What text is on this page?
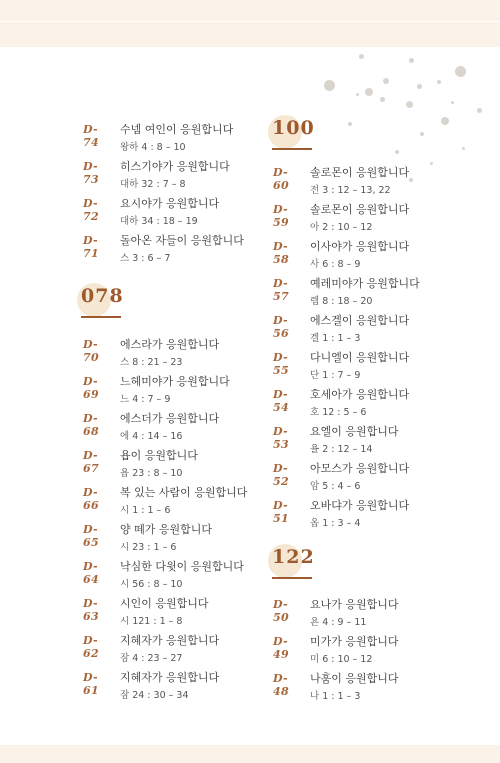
D- 74
수넴 여인이 응원합니다
왕하 4 : 8 – 10
D- 73
히스기야가 응원합니다
대하 32 : 7 – 8
D- 72
요시야가 응원합니다
대하 34 : 18 – 19
D- 71
돌아온 자들이 응원합니다
스 3 : 6 – 7
078
D- 70
에스라가 응원합니다
스 8 : 21 – 23
D- 69
느헤미야가 응원합니다
느 4 : 7 – 9
D- 68
에스더가 응원합니다
에 4 : 14 – 16
D- 67
욥이 응원합니다
욥 23 : 8 – 10
D- 66
복 있는 사람이 응원합니다
시 1 : 1 – 6
D- 65
양 떼가 응원합니다
시 23 : 1 – 6
D- 64
낙심한 다윗이 응원합니다
시 56 : 8 – 10
D- 63
시인이 응원합니다
시 121 : 1 – 8
D- 62
지혜자가 응원합니다
잠 4 : 23 – 27
D- 61
지혜자가 응원합니다
잠 24 : 30 – 34
100
D- 60
솔로몬이 응원합니다
전 3 : 12 – 13, 22
D- 59
솔로몬이 응원합니다
아 2 : 10 – 12
D- 58
이사야가 응원합니다
사 6 : 8 – 9
D- 57
예레미야가 응원합니다
렘 8 : 18 – 20
D- 56
에스겔이 응원합니다
겔 1 : 1 – 3
D- 55
다니엘이 응원합니다
단 1 : 7 – 9
D- 54
호세아가 응원합니다
호 12 : 5 – 6
D- 53
요엘이 응원합니다
욜 2 : 12 – 14
D- 52
아모스가 응원합니다
암 5 : 4 – 6
D- 51
오바댜가 응원합니다
옵 1 : 3 – 4
122
D- 50
요나가 응원합니다
욘 4 : 9 – 11
D- 49
미가가 응원합니다
미 6 : 10 – 12
D- 48
나훔이 응원합니다
나 1 : 1 – 3
